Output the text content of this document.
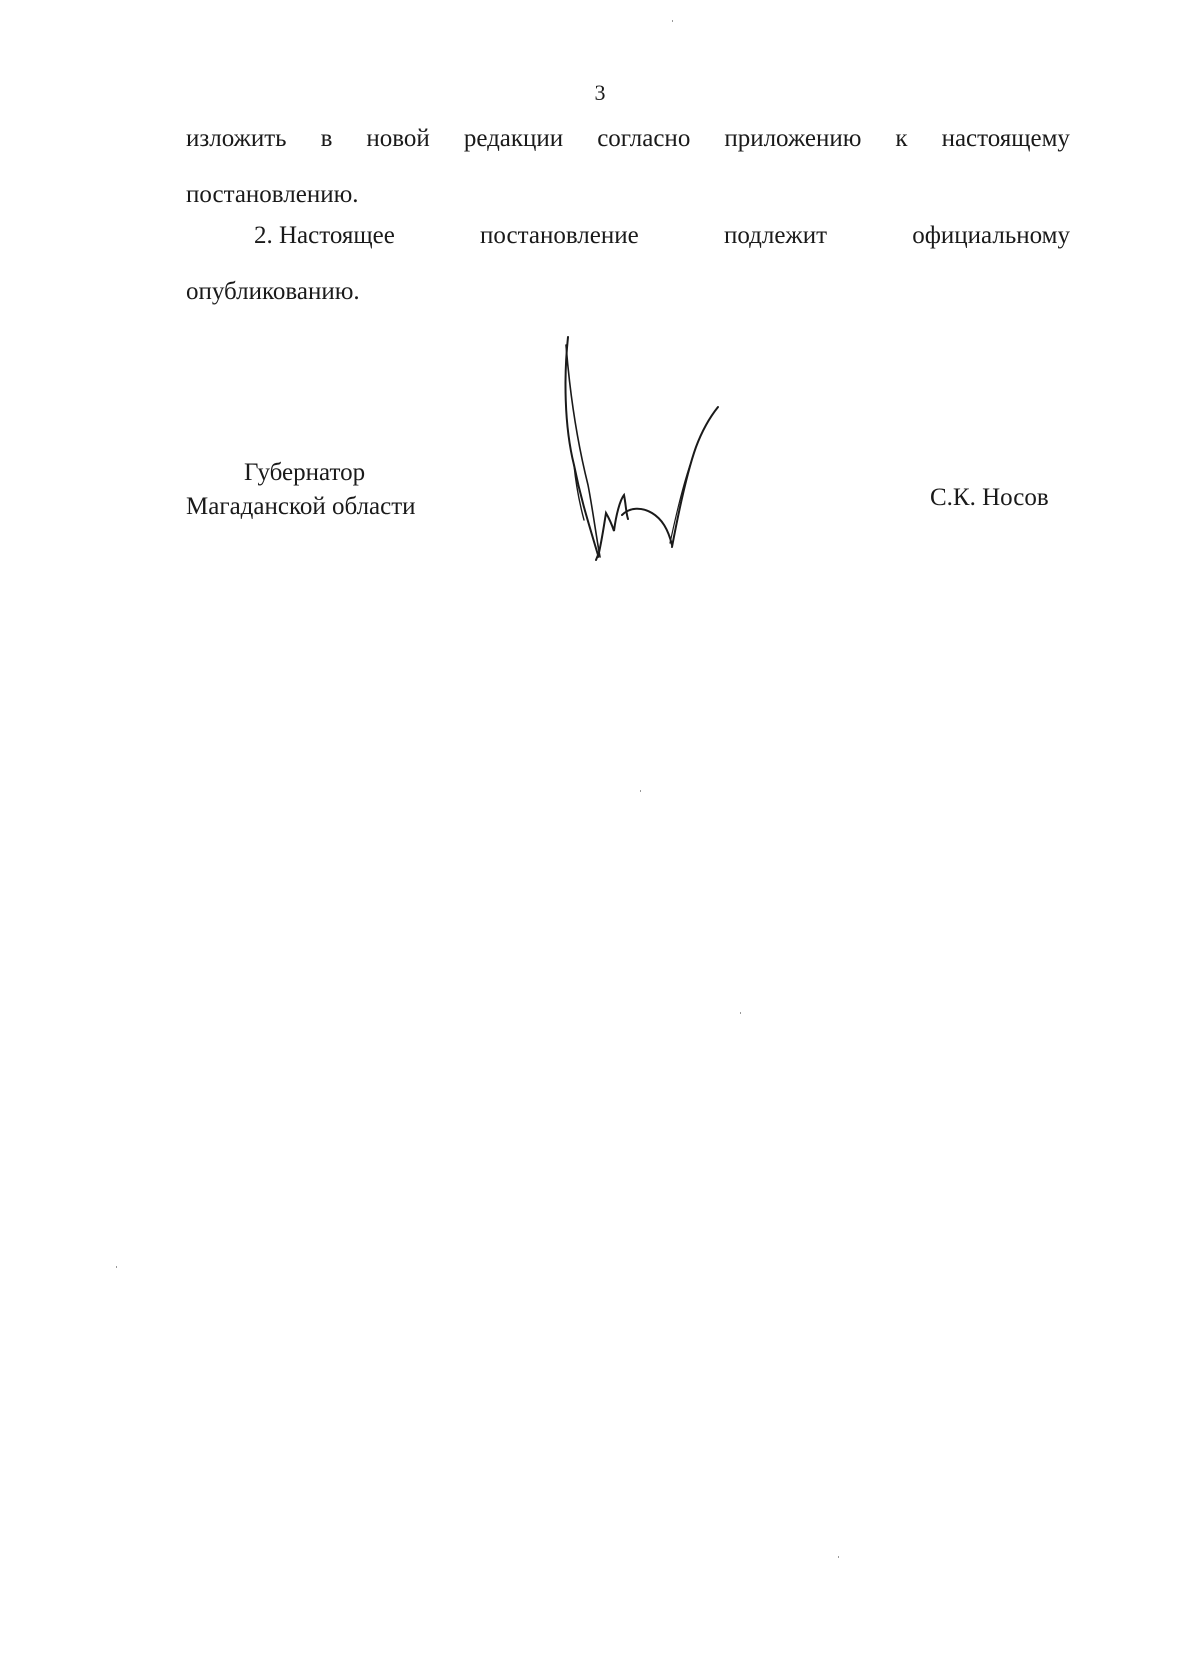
3
изложить в новой редакции согласно приложению к настоящему
постановлению.
2. Настоящее	постановление	подлежит	официальному
опубликованию.
Губернатор
Магаданской области	С.К. Носов
